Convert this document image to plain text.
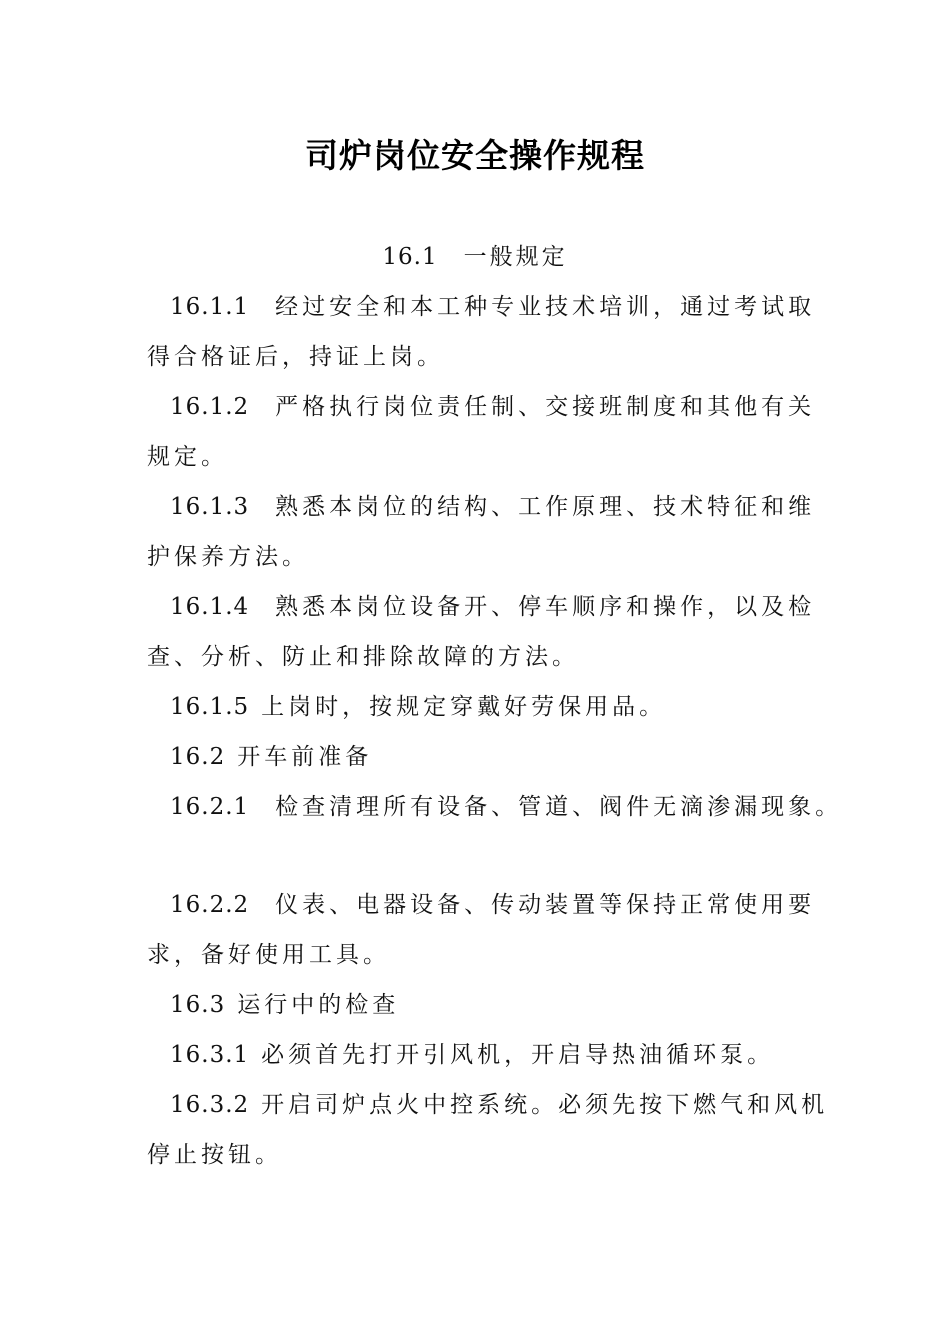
司炉岗位安全操作规程

16.1 一般规定

16.1.1 经过安全和本工种专业技术培训，通过考试取

得合格证后，持证上岗。

16.1.2 严格执行岗位责任制、交接班制度和其他有关

规定。

16.1.3 熟悉本岗位的结构、工作原理、技术特征和维

护保养方法。

16.1.4 熟悉本岗位设备开、停车顺序和操作，以及检

查、分析、防止和排除故障的方法。

16.1.5 上岗时，按规定穿戴好劳保用品。

16.2 开车前准备

16.2.1 检查清理所有设备、管道、阀件无滴渗漏现象。

16.2.2 仪表、电器设备、传动装置等保持正常使用要

求，备好使用工具。

16.3 运行中的检查

16.3.1 必须首先打开引风机，开启导热油循环泵。

16.3.2 开启司炉点火中控系统。必须先按下燃气和风机

停止按钮。
